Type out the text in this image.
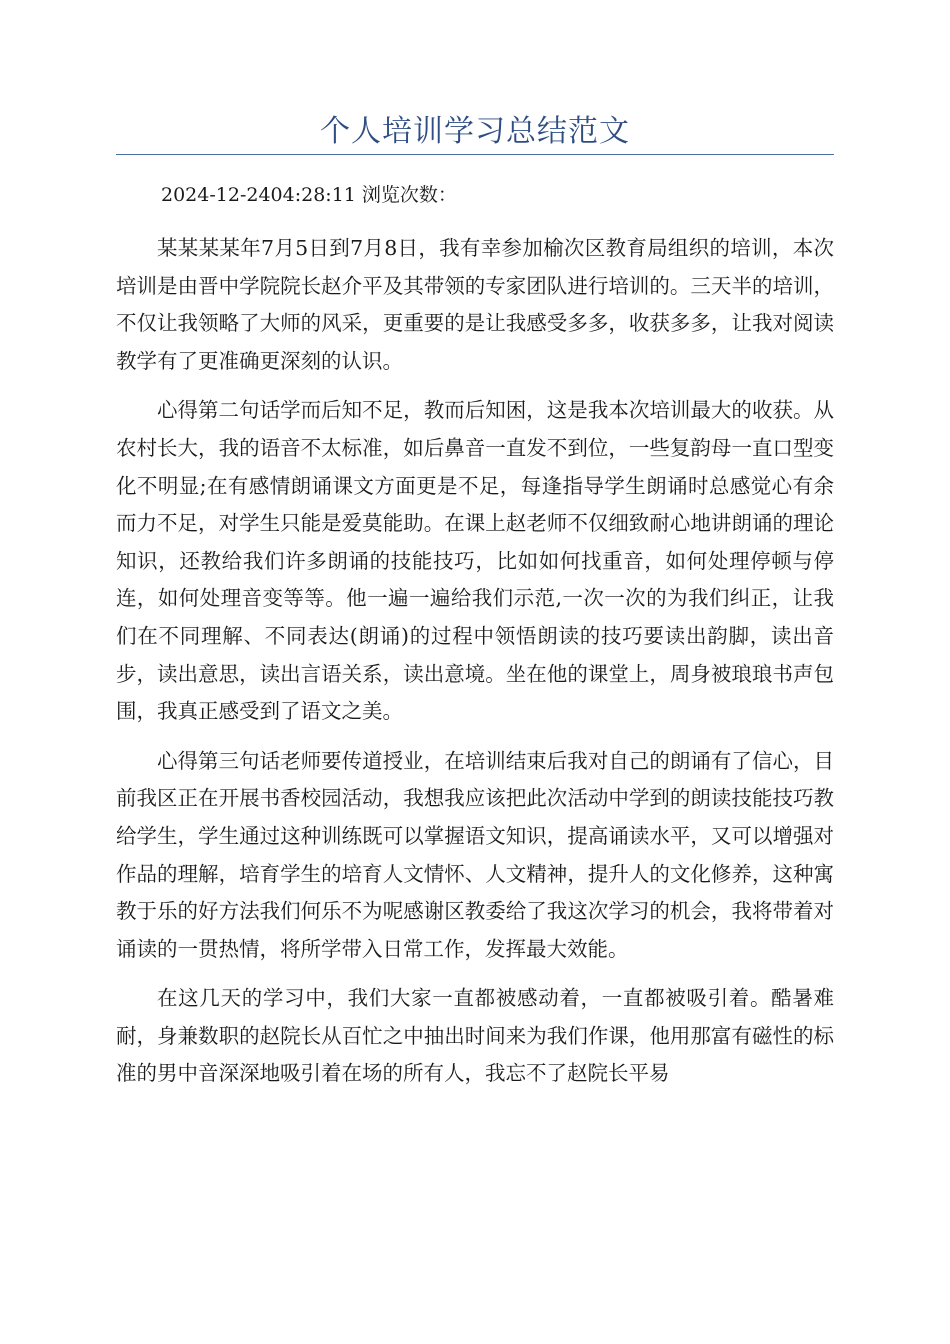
个人培训学习总结范文
2024-12-2404:28:11 浏览次数：

某某某某年7月5日到7月8日，我有幸参加榆次区教育局组织的培训，本次培训是由晋中学院院长赵介平及其带领的专家团队进行培训的。三天半的培训，不仅让我领略了大师的风采，更重要的是让我感受多多，收获多多，让我对阅读教学有了更准确更深刻的认识。

心得第二句话学而后知不足，教而后知困，这是我本次培训最大的收获。从农村长大，我的语音不太标准，如后鼻音一直发不到位，一些复韵母一直口型变化不明显;在有感情朗诵课文方面更是不足，每逢指导学生朗诵时总感觉心有余而力不足，对学生只能是爱莫能助。在课上赵老师不仅细致耐心地讲朗诵的理论知识，还教给我们许多朗诵的技能技巧，比如如何找重音，如何处理停顿与停连，如何处理音变等等。他一遍一遍给我们示范,一次一次的为我们纠正，让我们在不同理解、不同表达(朗诵)的过程中领悟朗读的技巧要读出韵脚，读出音步，读出意思，读出言语关系，读出意境。坐在他的课堂上，周身被琅琅书声包围，我真正感受到了语文之美。

心得第三句话老师要传道授业，在培训结束后我对自己的朗诵有了信心，目前我区正在开展书香校园活动，我想我应该把此次活动中学到的朗读技能技巧教给学生，学生通过这种训练既可以掌握语文知识，提高诵读水平，又可以增强对作品的理解，培育学生的培育人文情怀、人文精神，提升人的文化修养，这种寓教于乐的好方法我们何乐不为呢感谢区教委给了我这次学习的机会，我将带着对诵读的一贯热情，将所学带入日常工作，发挥最大效能。

在这几天的学习中，我们大家一直都被感动着，一直都被吸引着。酷暑难耐，身兼数职的赵院长从百忙之中抽出时间来为我们作课，他用那富有磁性的标准的男中音深深地吸引着在场的所有人，我忘不了赵院长平易
